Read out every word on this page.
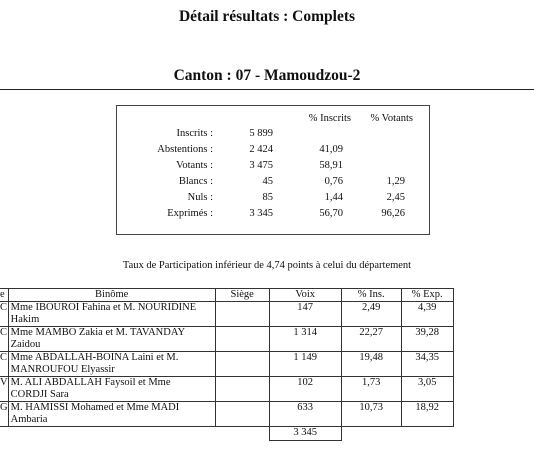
Détail résultats : Complets
Canton : 07 - Mamoudzou-2
% Inscrits % Votants
Inscrits :	5 899
Abstentions :	2 424	41,09
Votants :	3 475	58,91
Blancs :	45	0,76	1,29
Nuls :	85	1,44	2,45
Exprimés :	3 345	56,70	96,26
Taux de Participation inférieur de 4,74 points à celui du département
e	Binôme	Siège	Voix	% Ins.	% Exp.
C	Mme IBOUROI Fahina et M. NOURIDINE
Hakim		147	2,49	4,39
C	Mme MAMBO Zakia et M. TAVANDAY
Zaidou		1 314	22,27	39,28
C	Mme ABDALLAH-BOINA Laini et M.
MANROUFOU Elyassir		1 149	19,48	34,35
V	M. ALI ABDALLAH Faysoil et Mme
CORDJI Sara		102	1,73	3,05
G	M. HAMISSI Mohamed et Mme MADI
Ambaria		633	10,73	18,92
			3 345		
